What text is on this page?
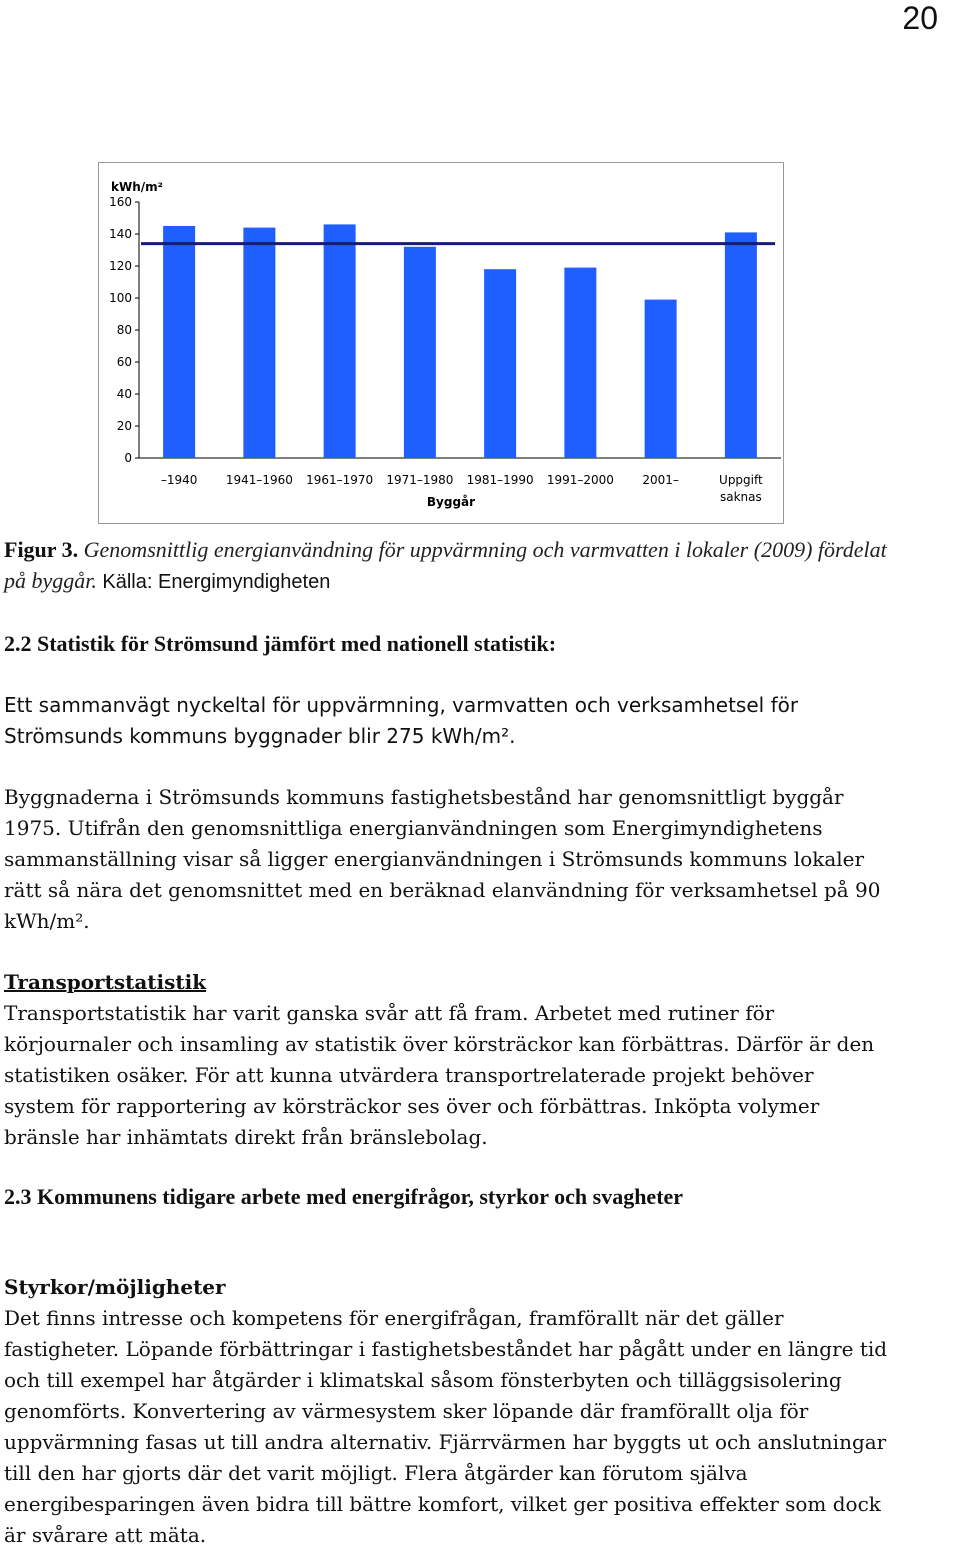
20
kWh/m²
Byggår
0
20
40
60
80
100
120
140
160
–1940 1941–1960 1961–1970 1971–1980 1981–1990 1991–2000 2001–	Uppgift
saknas
Figur 3. Genomsnittlig energianvändning för uppvärmning och varmvatten i lokaler (2009) fördelat på byggår. Källa: Energimyndigheten
2.2 Statistik för Strömsund jämfört med nationell statistik:

Ett sammanvägt nyckeltal för uppvärmning, varmvatten och verksamhetsel för Strömsunds kommuns byggnader blir 275 kWh/m².

Byggnaderna i Strömsunds kommuns fastighetsbestånd har genomsnittligt byggår 1975. Utifrån den genomsnittliga energianvändningen som Energimyndighetens sammanställning visar så ligger energianvändningen i Strömsunds kommuns lokaler rätt så nära det genomsnittet med en beräknad elanvändning för verksamhetsel på 90 kWh/m².

Transportstatistik

Transportstatistik har varit ganska svår att få fram. Arbetet med rutiner för körjournaler och insamling av statistik över körsträckor kan förbättras. Därför är den statistiken osäker. För att kunna utvärdera transportrelaterade projekt behöver system för rapportering av körsträckor ses över och förbättras. Inköpta volymer bränsle har inhämtats direkt från bränslebolag.

2.3 Kommunens tidigare arbete med energifrågor, styrkor och svagheter

Styrkor/möjligheter

Det finns intresse och kompetens för energifrågan, framförallt när det gäller fastigheter. Löpande förbättringar i fastighetsbeståndet har pågått under en längre tid och till exempel har åtgärder i klimatskal såsom fönsterbyten och tilläggsisolering genomförts. Konvertering av värmesystem sker löpande där framförallt olja för uppvärmning fasas ut till andra alternativ. Fjärrvärmen har byggts ut och anslutningar till den har gjorts där det varit möjligt. Flera åtgärder kan förutom själva energibesparingen även bidra till bättre komfort, vilket ger positiva effekter som dock är svårare att mäta.
